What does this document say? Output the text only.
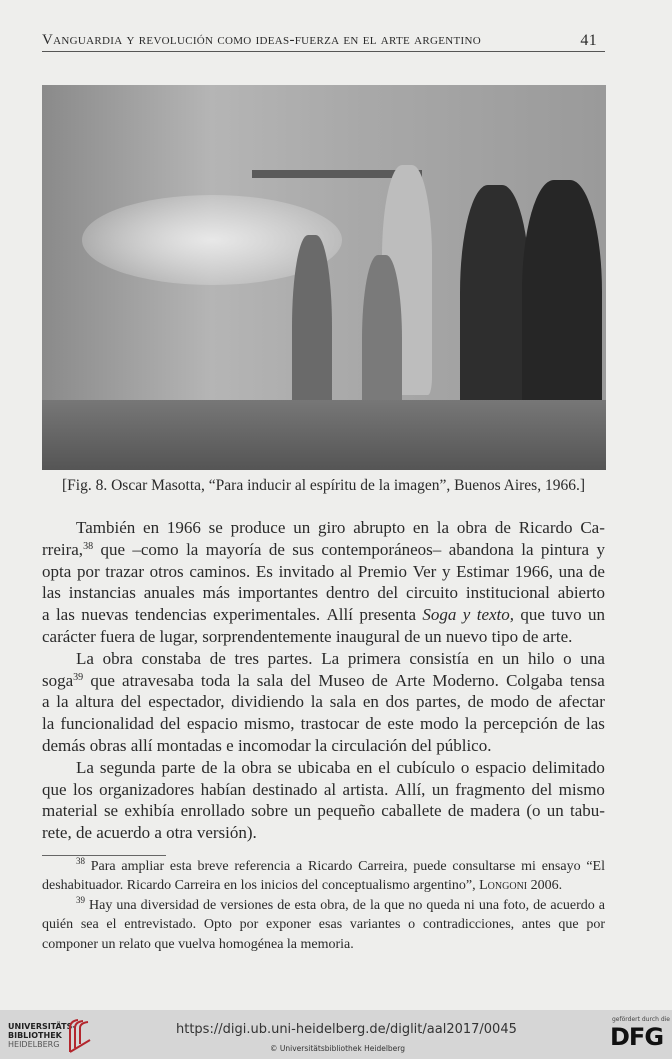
Vanguardia y revolución como ideas-fuerza en el arte argentino	41
[Fig. 8. Oscar Masotta, “Para inducir al espíritu de la imagen”, Buenos Aires, 1966.]
También en 1966 se produce un giro abrupto en la obra de Ricardo Ca-
rreira,$^{38}$ que –como la mayoría de sus contemporáneos– abandona la pintura y
opta por trazar otros caminos. Es invitado al Premio Ver y Estimar 1966, una de
las instancias anuales más importantes dentro del circuito institucional abierto
a las nuevas tendencias experimentales. Allí presenta Soga y texto, que tuvo un
carácter fuera de lugar, sorprendentemente inaugural de un nuevo tipo de arte.
La obra constaba de tres partes. La primera consistía en un hilo o una
soga$^{39}$ que atravesaba toda la sala del Museo de Arte Moderno. Colgaba tensa
a la altura del espectador, dividiendo la sala en dos partes, de modo de afectar
la funcionalidad del espacio mismo, trastocar de este modo la percepción de las
demás obras allí montadas e incomodar la circulación del público.
La segunda parte de la obra se ubicaba en el cubículo o espacio delimitado
que los organizadores habían destinado al artista. Allí, un fragmento del mismo
material se exhibía enrollado sobre un pequeño caballete de madera (o un tabu-
rete, de acuerdo a otra versión).

$^{38}$ Para ampliar esta breve referencia a Ricardo Carreira, puede consultarse mi ensayo “El deshabituador. Ricardo Carreira en los inicios del conceptualismo argentino”, Longoni 2006.

$^{39}$ Hay una diversidad de versiones de esta obra, de la que no queda ni una foto, de acuerdo a quién sea el entrevistado. Opto por exponer esas variantes o contradicciones, antes que por componer un relato que vuelva homogénea la memoria.

UNIVERSITÄTS-
BIBLIOTHEK
HEIDELBERG
https://digi.ub.uni-heidelberg.de/diglit/aal2017/0045
© Universitätsbibliothek Heidelberg
gefördert durch die
DFG
